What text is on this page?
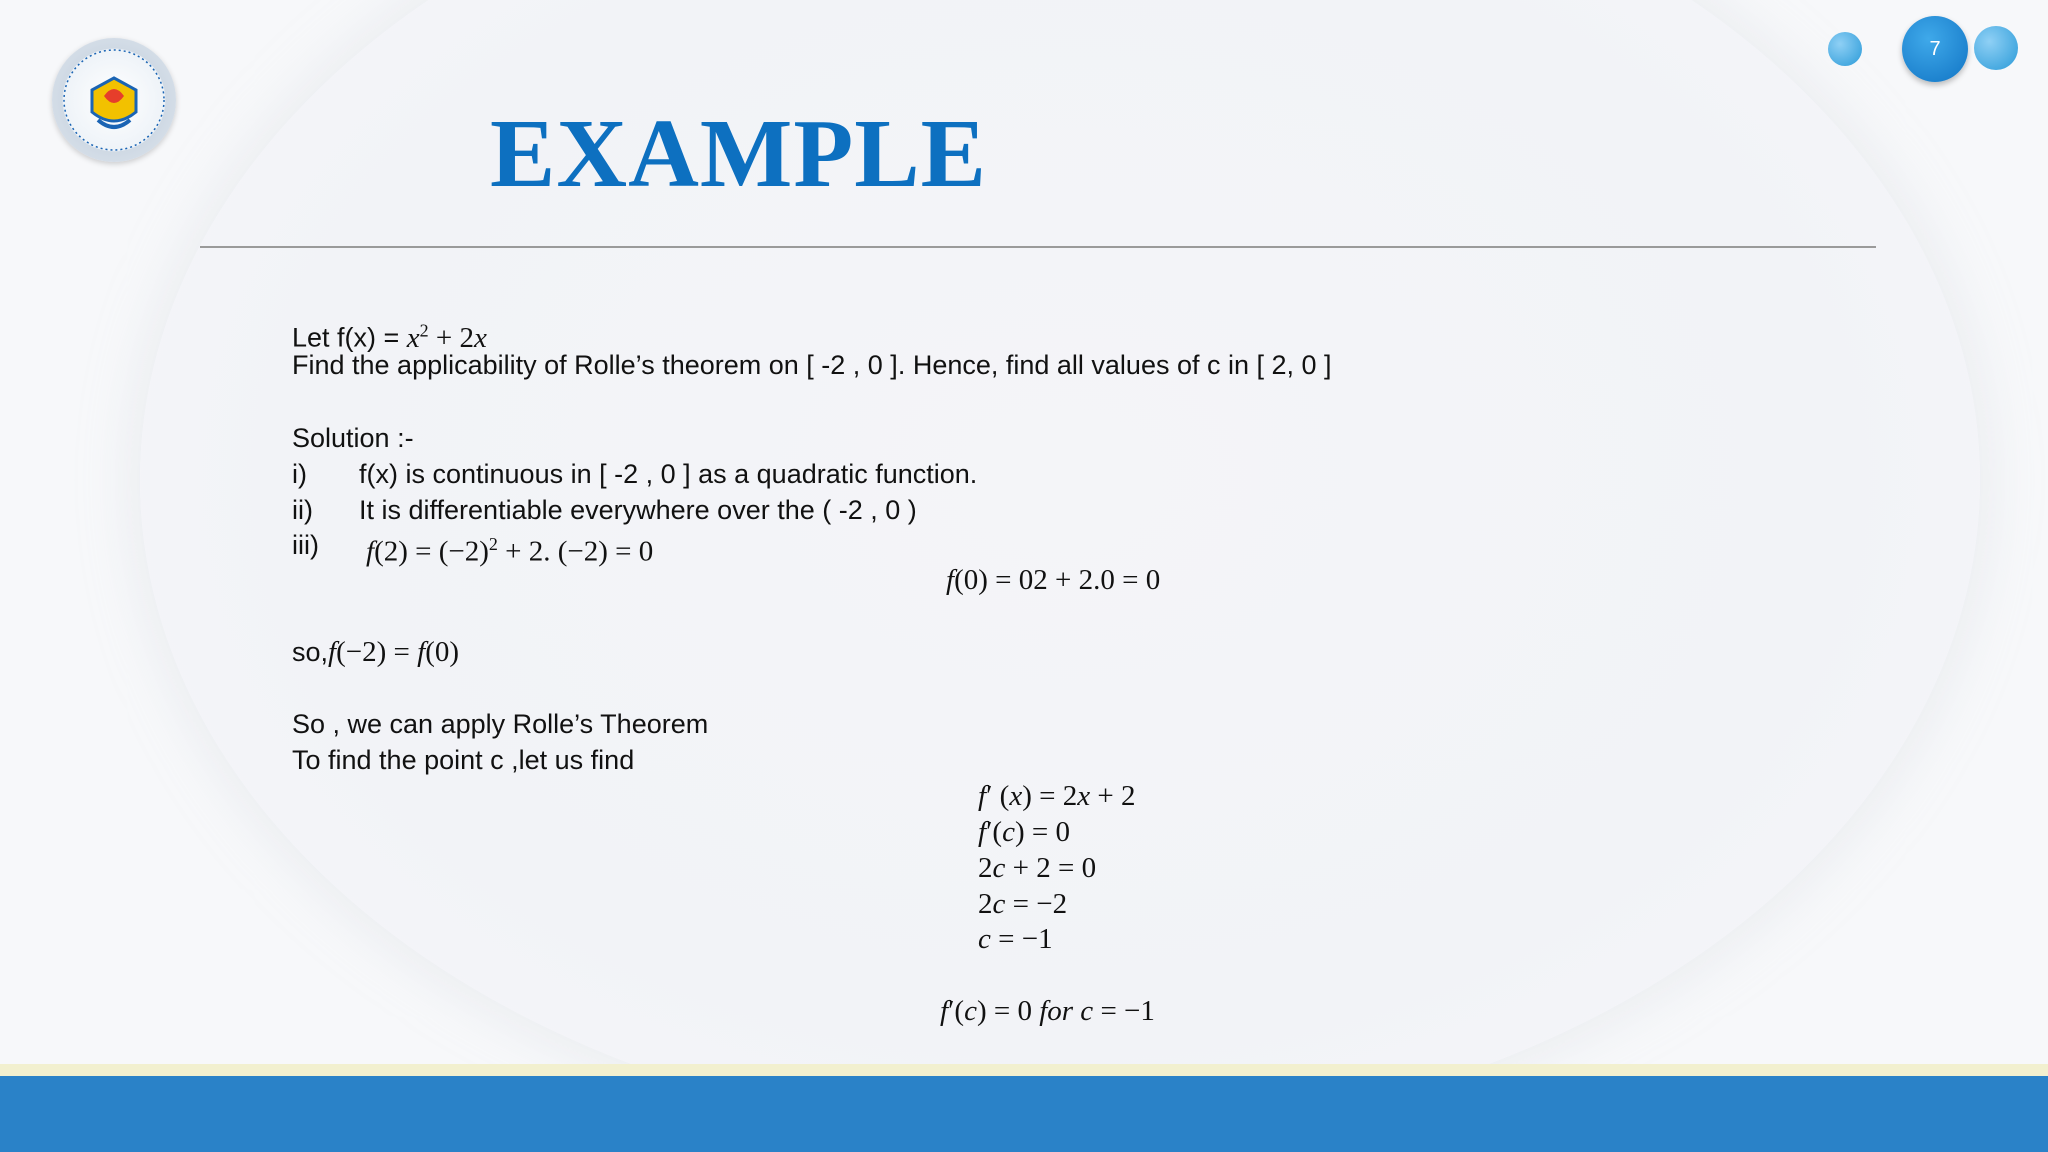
7
EXAMPLE
Let $f(x) = x^2 + 2x$
Find the applicability of Rolle’s theorem on [ -2 , 0 ]. Hence, find all values of c in [ 2, 0 ]
Solution :-
i) f(x) is continuous in [ -2 , 0 ] as a quadratic function.
ii) It is differentiable everywhere over the ( -2 , 0 )
iii) $f(2) = (-2)^2 + 2$. (−2) = 0
f(0) = 02 + 2.0 = 0
so,f(−2) = f(0)
So , we can apply Rolle’s Theorem
To find the point c ,let us find
f′ (x) = 2x + 2
f′(c) = 0
2c + 2 = 0
2c = −2
c = −1
f′(c) = 0 for c = −1
